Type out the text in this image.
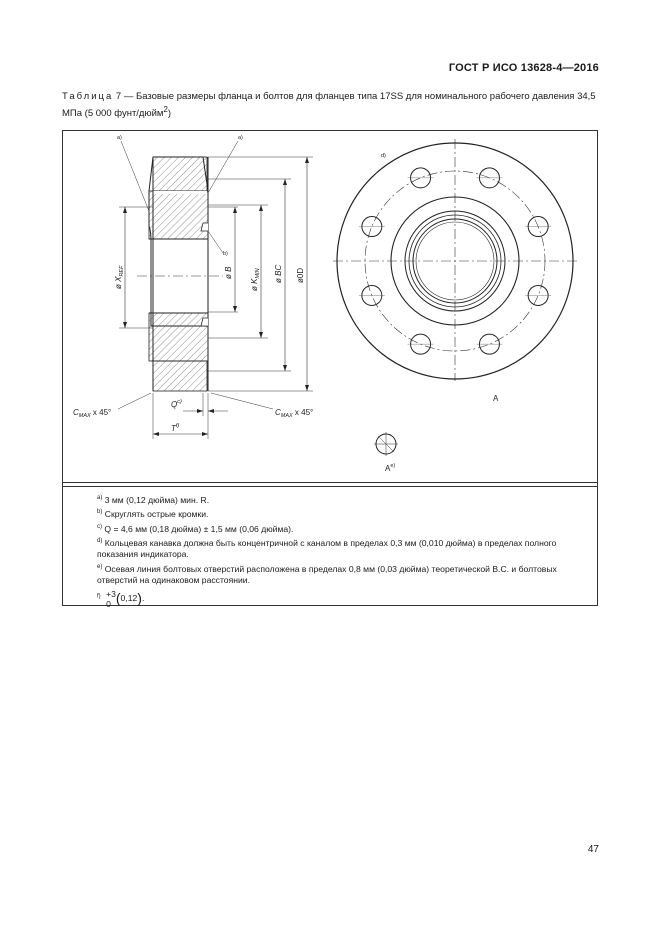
ГОСТ Р ИСО 13628-4—2016
Таблица 7 — Базовые размеры фланца и болтов для фланцев типа 17SS для номинального рабочего давления 34,5 МПа (5 000 фунт/дюйм$^2$)
a)	a)
b)
d)
ø $X_{REF}$	ø B
ø $K_{MIN}$ ø BC ø0D
$Q^{c)}$
$T^{f)}$
$C_{MAX}$ x 45°	$C_{MAX}$ x 45°
A
$A^{e)}$
$^{a)}$ 3 мм (0,12 дюйма) мин. R.
$^{b)}$ Скруглять острые кромки.
$^{c)}$ Q = 4,6 мм (0,18 дюйма) ± 1,5 мм (0,06 дюйма).
$^{d)}$ Кольцевая канавка должна быть концентричной с каналом в пределах 0,3 мм (0,010 дюйма) в пределах полного показания индикатора.
$^{e)}$ Осевая линия болтовых отверстий расположена в пределах 0,8 мм (0,03 дюйма) теоретической В.С. и болтовых отверстий на одинаковом расстоянии.
$^{f)}$ +3
0 (0,12).
47
